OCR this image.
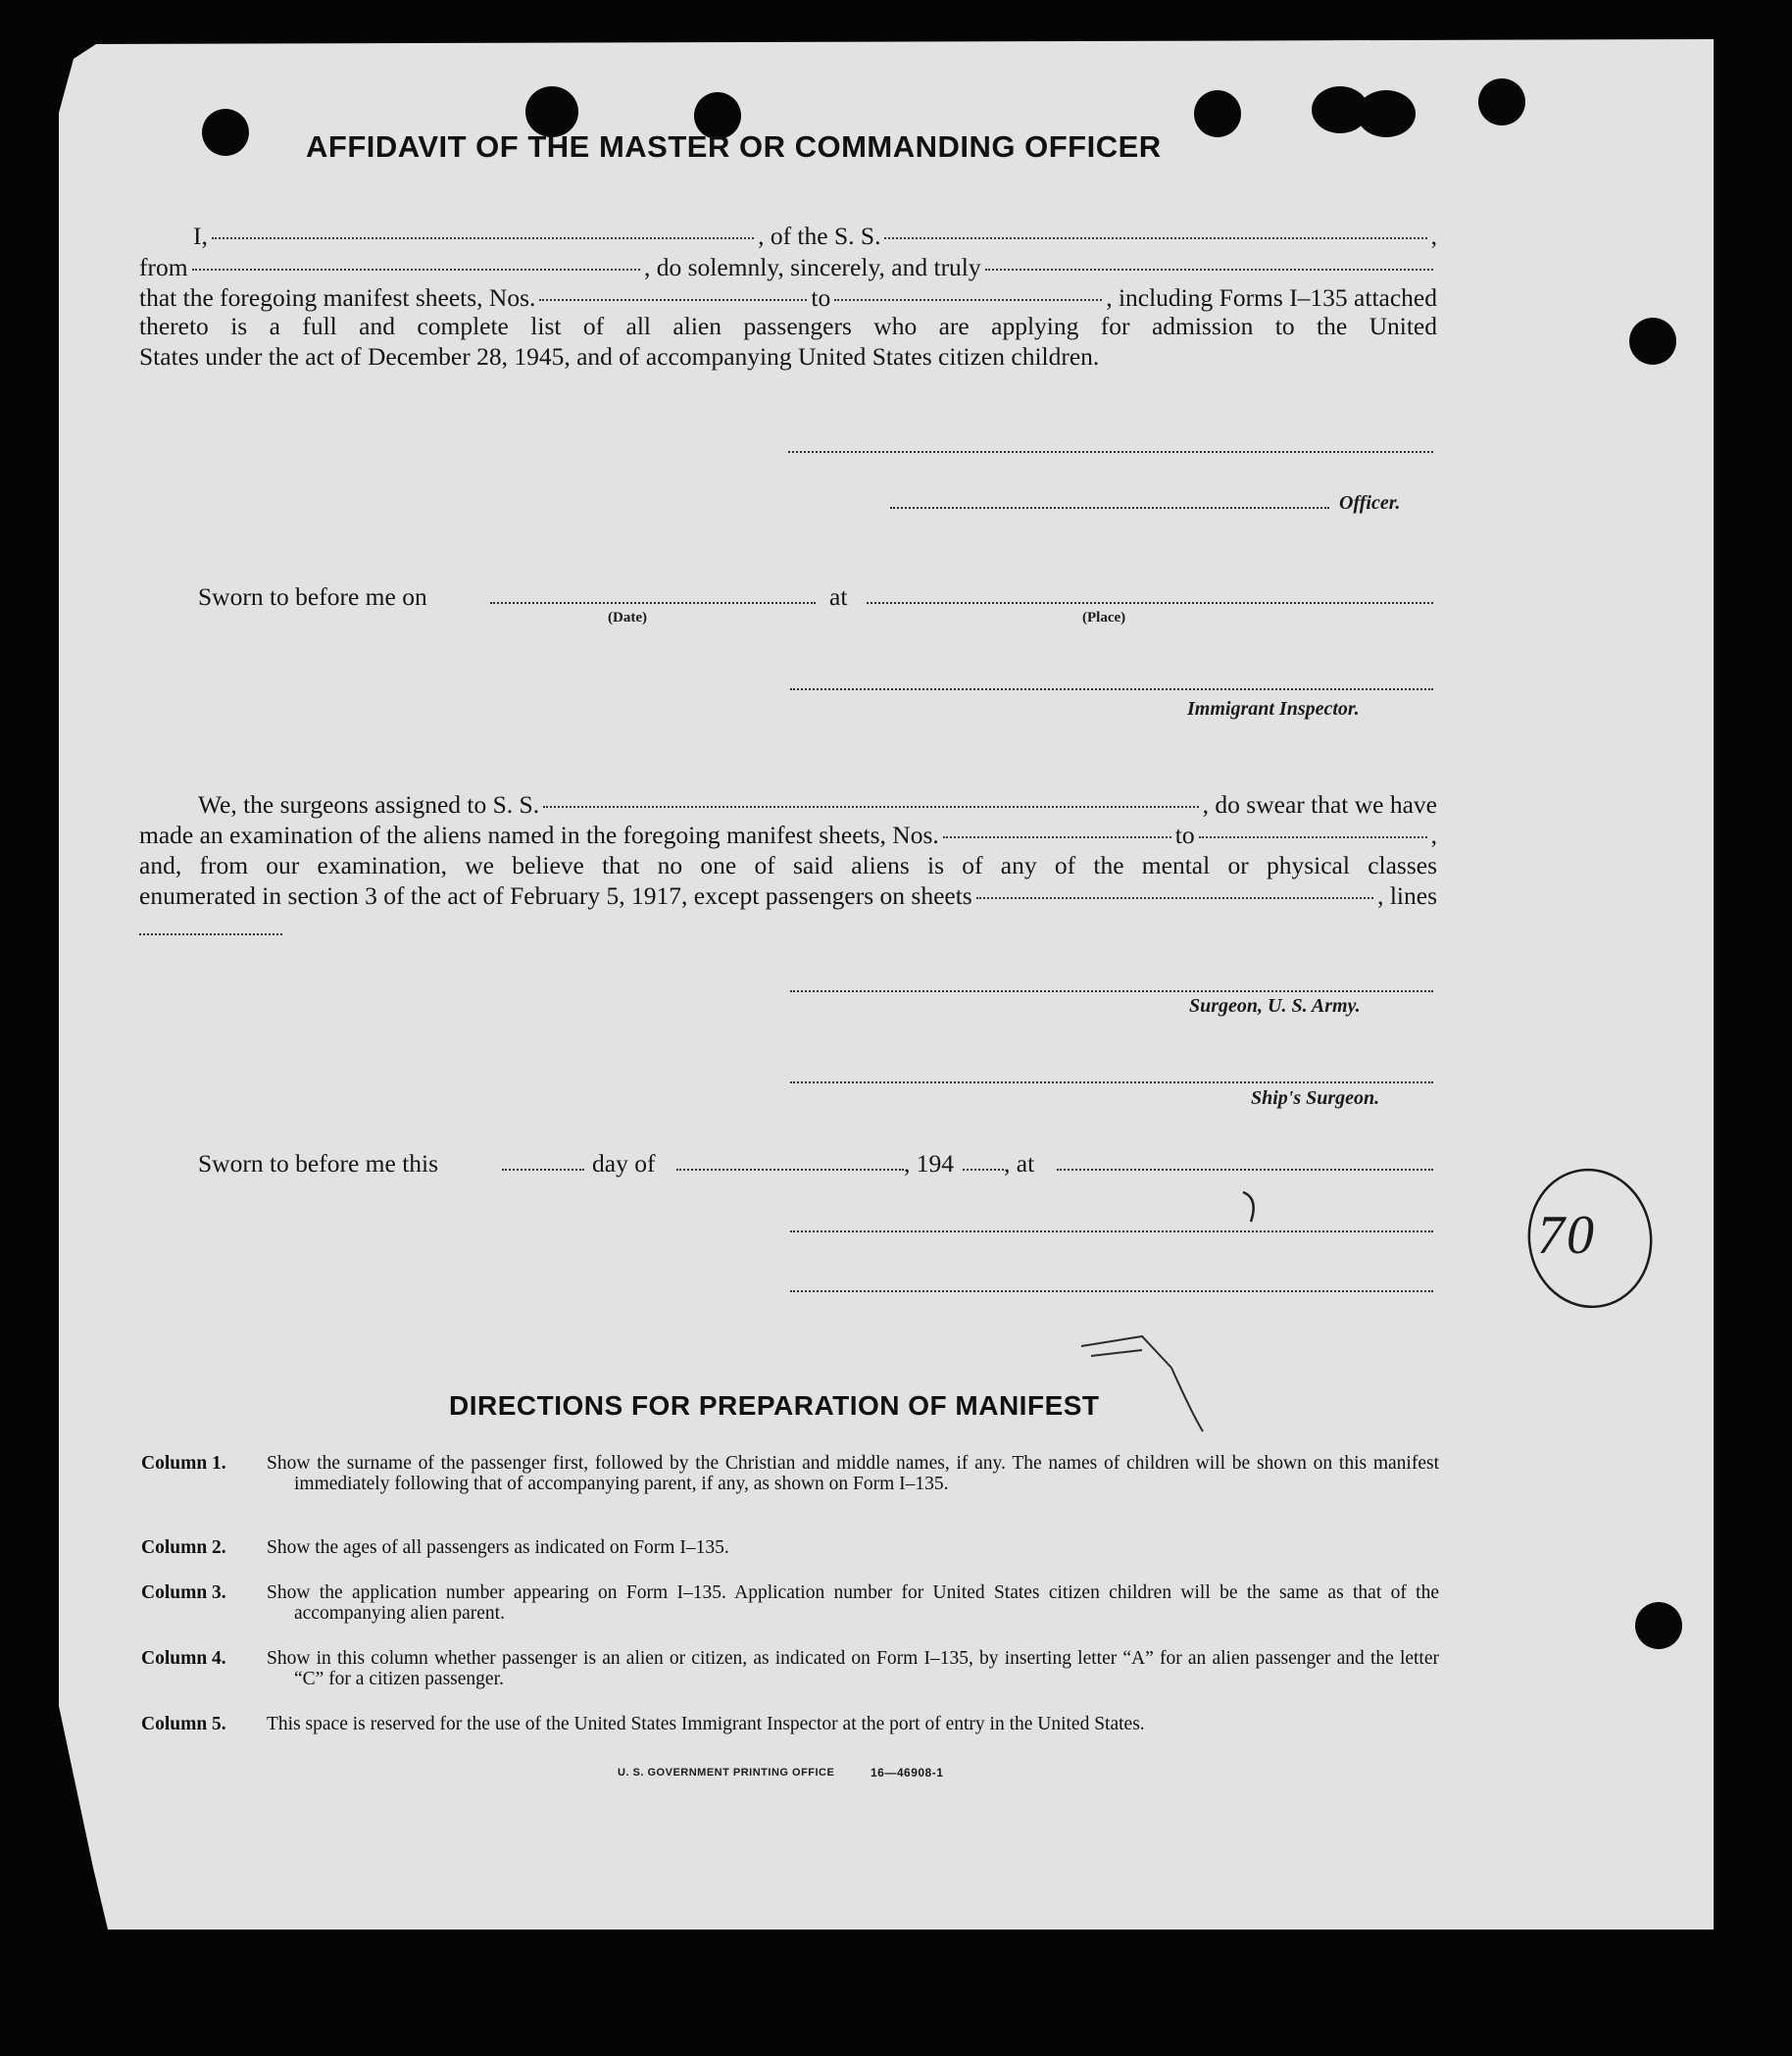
AFFIDAVIT OF THE MASTER OR COMMANDING OFFICER
I,	, of the S. S.	,
from	, do solemnly, sincerely, and truly
that the foregoing manifest sheets, Nos.	to	, including Forms I–135 attached
thereto is a full and complete list of all alien passengers who are applying for admission to the United
States under the act of December 28, 1945, and of accompanying United States citizen children.
Officer.
Sworn to before me on
(Date)
at
(Place)
Immigrant Inspector.
We, the surgeons assigned to S. S.	, do swear that we have
made an examination of the aliens named in the foregoing manifest sheets, Nos.	to	,
and, from our examination, we believe that no one of said aliens is of any of the mental or physical classes
enumerated in section 3 of the act of February 5, 1917, except passengers on sheets	, lines
Surgeon, U. S. Army.
Ship's Surgeon.
Sworn to before me this	day of	, 194 , at
70
DIRECTIONS FOR PREPARATION OF MANIFEST
Column 1. Show the surname of the passenger first, followed by the Christian and middle names, if any. The names of children will be shown on this manifest immediately following that of accompanying parent, if any, as shown on Form I–135.
Column 2. Show the ages of all passengers as indicated on Form I–135.
Column 3. Show the application number appearing on Form I–135. Application number for United States citizen children will be the same as that of the accompanying alien parent.
Column 4. Show in this column whether passenger is an alien or citizen, as indicated on Form I–135, by inserting letter “A” for an alien passenger and the letter “C” for a citizen passenger.
Column 5. This space is reserved for the use of the United States Immigrant Inspector at the port of entry in the United States.
U. S. GOVERNMENT PRINTING OFFICE	16—46908-1
